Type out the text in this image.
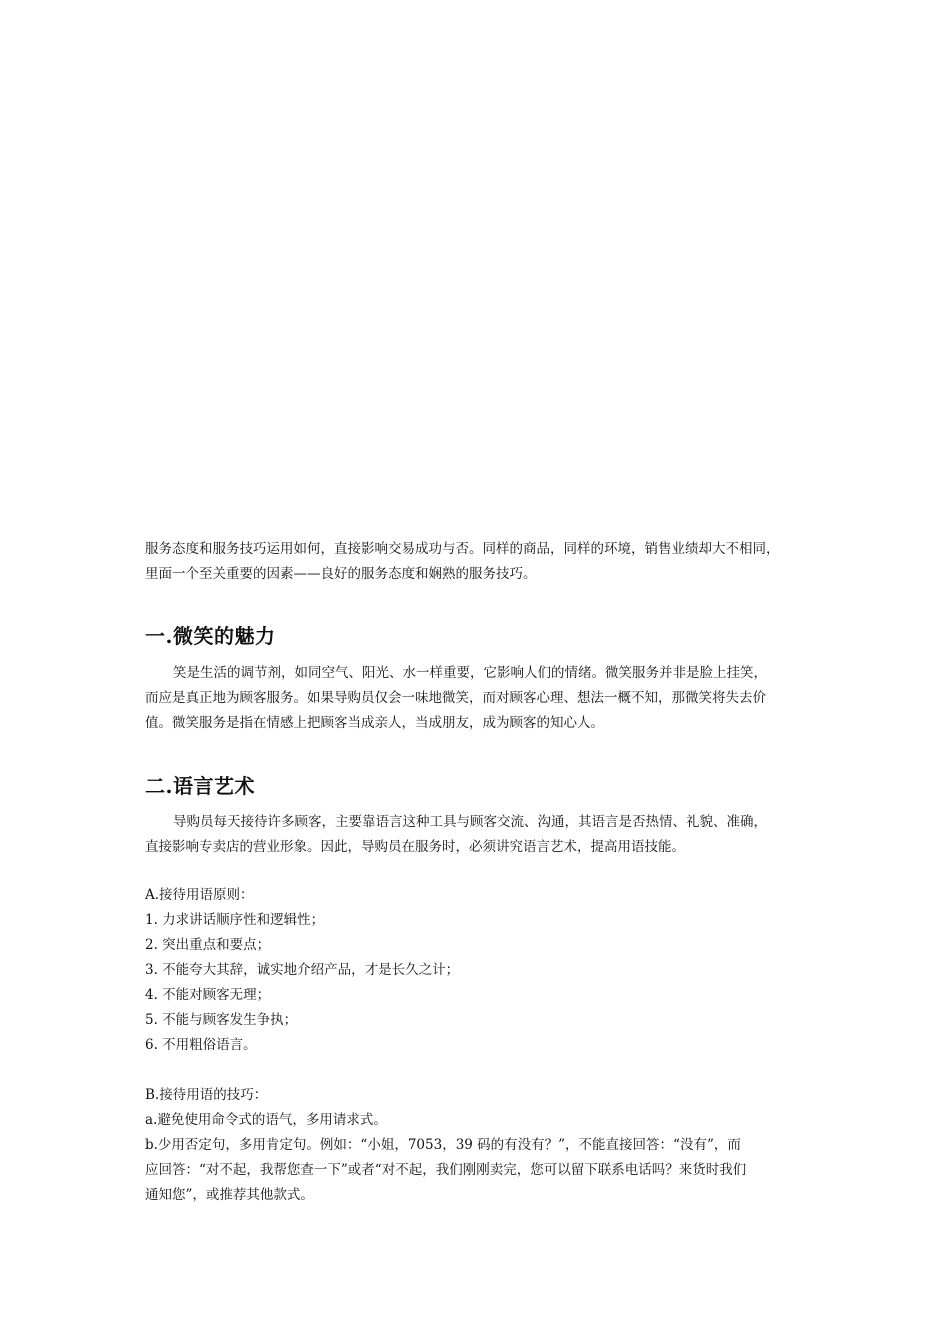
服务态度和服务技巧运用如何，直接影响交易成功与否。同样的商品，同样的环境，销售业绩却大不相同，

里面一个至关重要的因素——良好的服务态度和娴熟的服务技巧。

一.微笑的魅力

笑是生活的调节剂，如同空气、阳光、水一样重要，它影响人们的情绪。微笑服务并非是脸上挂笑，

而应是真正地为顾客服务。如果导购员仅会一味地微笑，而对顾客心理、想法一概不知，那微笑将失去价

值。微笑服务是指在情感上把顾客当成亲人，当成朋友，成为顾客的知心人。

二.语言艺术

导购员每天接待许多顾客，主要靠语言这种工具与顾客交流、沟通，其语言是否热情、礼貌、准确，

直接影响专卖店的营业形象。因此，导购员在服务时，必须讲究语言艺术，提高用语技能。

A.接待用语原则：
1. 力求讲话顺序性和逻辑性；
2. 突出重点和要点；
3. 不能夸大其辞，诚实地介绍产品，才是长久之计；
4. 不能对顾客无理；
5. 不能与顾客发生争执；
6. 不用粗俗语言。
B.接待用语的技巧：
a.避免使用命令式的语气，多用请求式。
b.少用否定句，多用肯定句。例如：“小姐，7053，39 码的有没有？”，不能直接回答：“没有”，而
应回答：“对不起，我帮您查一下”或者“对不起，我们刚刚卖完，您可以留下联系电话吗？来货时我们
通知您”，或推荐其他款式。
